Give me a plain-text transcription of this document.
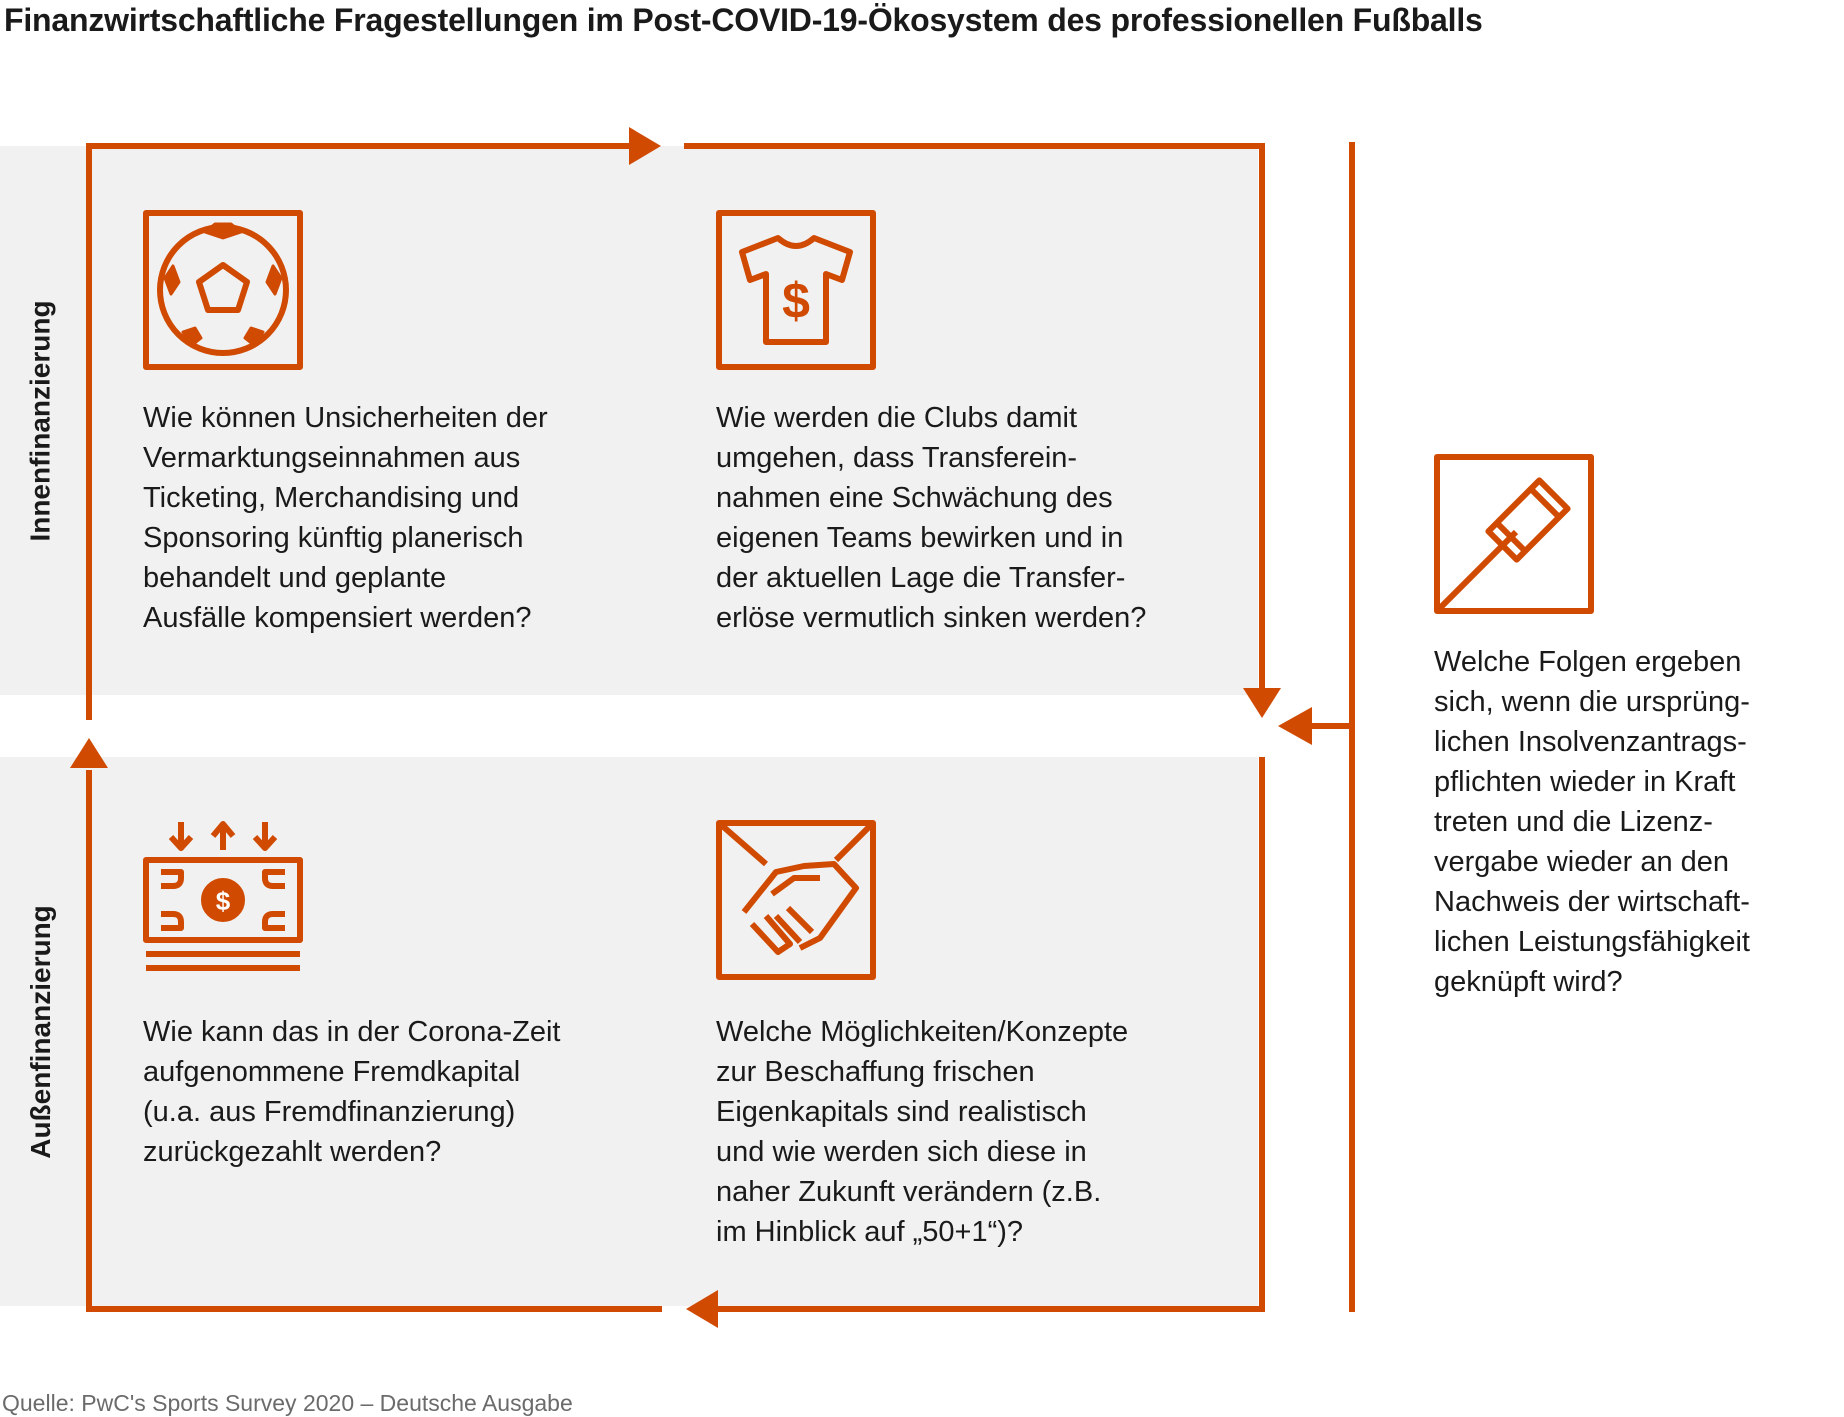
Finanzwirtschaftliche Fragestellungen im Post-COVID-19-Ökosystem des professionellen Fußballs
Innenfinanzierung
Außenfinanzierung
$
$
Wie können Unsicherheiten der
Vermarktungseinnahmen aus
Ticketing, Merchandising und
Sponsoring künftig planerisch
behandelt und geplante
Ausfälle kompensiert werden?
Wie werden die Clubs damit
umgehen, dass Transferein-
nahmen eine Schwächung des
eigenen Teams bewirken und in
der aktuellen Lage die Transfer-
erlöse vermutlich sinken werden?
Wie kann das in der Corona-Zeit
aufgenommene Fremdkapital
(u.a. aus Fremdfinanzierung)
zurückgezahlt werden?
Welche Möglichkeiten/Konzepte
zur Beschaffung frischen
Eigenkapitals sind realistisch
und wie werden sich diese in
naher Zukunft verändern (z.B.
im Hinblick auf „50+1“)?
Welche Folgen ergeben
sich, wenn die ursprüng-
lichen Insolvenzantrags-
pflichten wieder in Kraft
treten und die Lizenz-
vergabe wieder an den
Nachweis der wirtschaft-
lichen Leistungsfähigkeit
geknüpft wird?
Quelle: PwC's Sports Survey 2020 – Deutsche Ausgabe
